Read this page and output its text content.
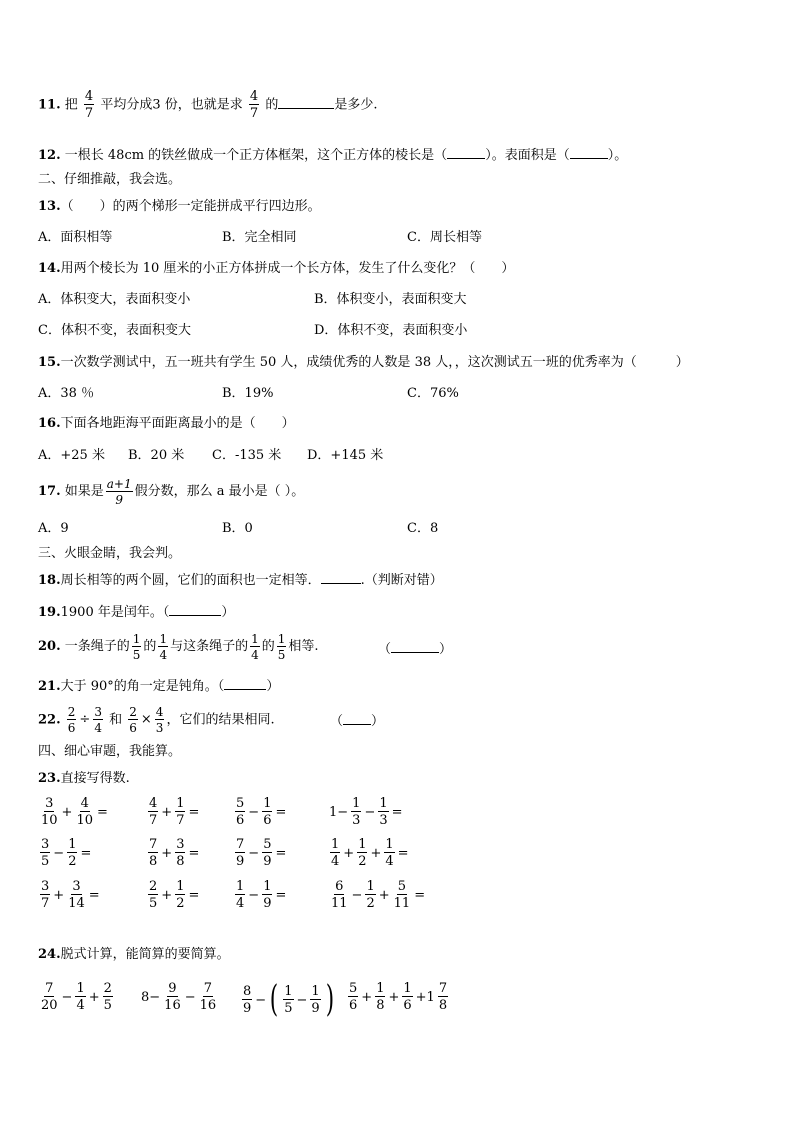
11. 把 $\frac{4}{7}$ 平均分成3 份，也就是求 $\frac{4}{7}$ 的	是多少.
12. 一根长 48cm 的铁丝做成一个正方体框架，这个正方体的棱长是（	）。表面积是（	）。
二、仔细推敲，我会选。
13.（　　）的两个梯形一定能拼成平行四边形。
A．面积相等	B．完全相同	C．周长相等
14.用两个棱长为 10 厘米的小正方体拼成一个长方体，发生了什么变化？（　　）
A．体积变大，表面积变小	B．体积变小，表面积变大
C．体积不变，表面积变大	D．体积不变，表面积变小
15.一次数学测试中，五一班共有学生 50 人，成绩优秀的人数是 38 人，，这次测试五一班的优秀率为（　　　）
A．38 ％	B．19%	C．76%
16.下面各地距海平面距离最小的是（　　）
A．+25 米 B．20 米 C．-135 米 D．+145 米
17. 如果是 $\frac{a+1}{9}$ 假分数，那么 a 最小是（ ）。
A．9	B．0	C．8
三、火眼金睛，我会判。
18.周长相等的两个圆，它们的面积也一定相等．	.（判断对错）
19.1900 年是闰年。（	）
20. 一条绳子的 $\frac{1}{5}$ 的 $\frac{1}{4}$ 与这条绳子的 $\frac{1}{4}$ 的 $\frac{1}{5}$ 相等.	（	）
21.大于 90°的角一定是钝角。（	）
22. $\frac{2}{6} \div \frac{3}{4}$ 和 $\frac{2}{6} \times \frac{4}{3}$ ，它们的结果相同.	（ ）
四、细心审题，我能算。
23.直接写得数.
$\frac{3}{10} + \frac{4}{10}$ =	$\frac{4}{7} + \frac{1}{7}$ =	$\frac{5}{6} - \frac{1}{6}$ =	$1- \frac{1}{3} - \frac{1}{3}$ =
$\frac{3}{5} - \frac{1}{2}$ =	$\frac{7}{8} + \frac{3}{8}$ =	$\frac{7}{9} - \frac{5}{9}$ =	$\frac{1}{4} + \frac{1}{2} + \frac{1}{4}$ =
$\frac{3}{7} + \frac{3}{14}$ =	$\frac{2}{5} + \frac{1}{2}$ =	$\frac{1}{4} - \frac{1}{9}$ =	$\frac{6}{11} - \frac{1}{2} + \frac{5}{11}$ =
24.脱式计算，能简算的要简算。
$\frac{7}{20} - \frac{1}{4} + \frac{2}{5} 8- \frac{9}{16} - \frac{7}{16} \frac{8}{9}$ − ( $\frac{1}{5} - \frac{1}{9}$ ) $\frac{5}{6} + \frac{1}{8} + \frac{1}{6} +1 \frac{7}{8}$
